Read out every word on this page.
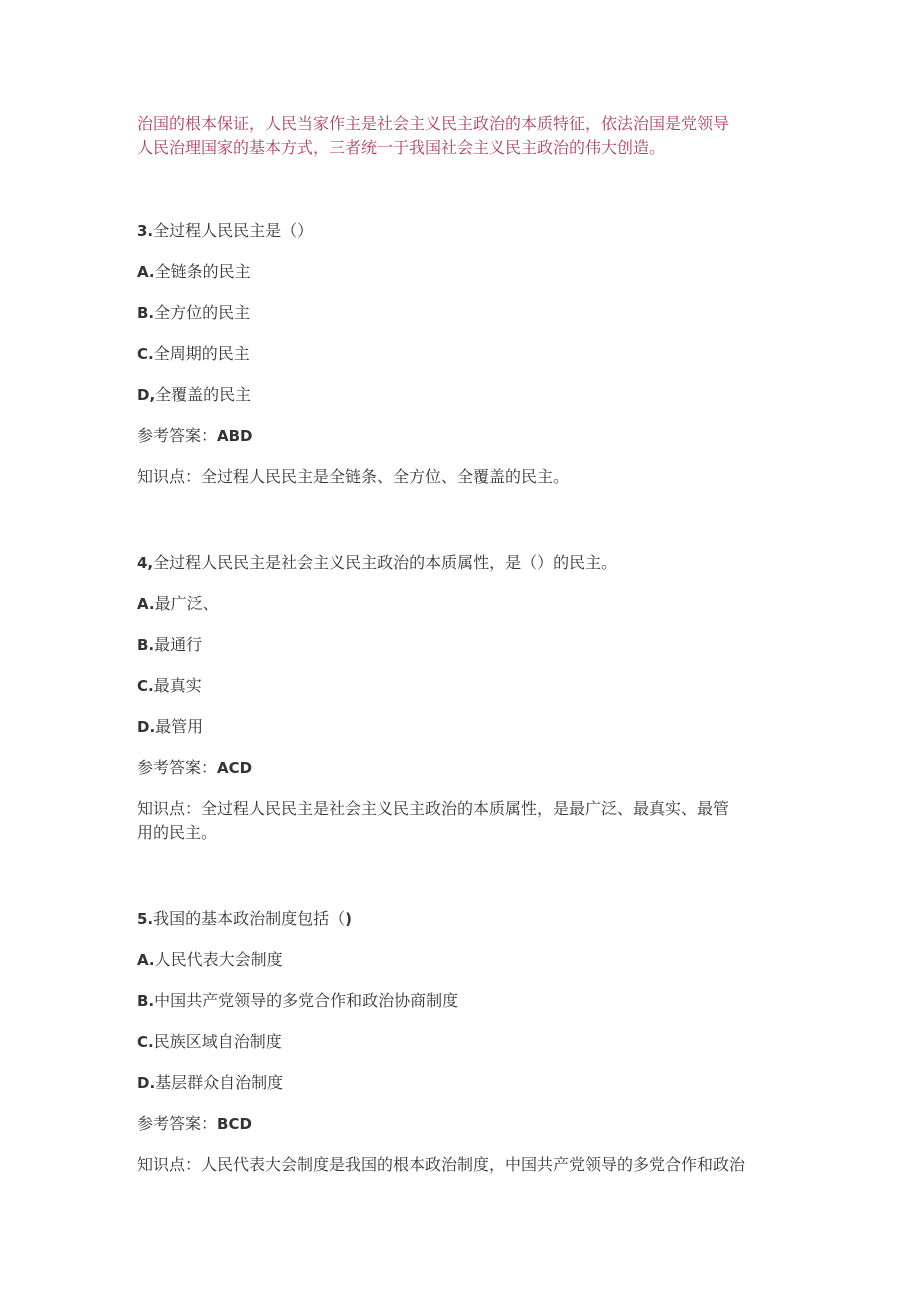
治国的根本保证，人民当家作主是社会主义民主政治的本质特征，依法治国是党领导

人民治理国家的基本方式，三者统一于我国社会主义民主政治的伟大创造。

3.全过程人民民主是（）
A.全链条的民主
B.全方位的民主
C.全周期的民主
D,全覆盖的民主
参考答案：ABD
知识点：全过程人民民主是全链条、全方位、全覆盖的民主。
4,全过程人民民主是社会主义民主政治的本质属性，是（）的民主。
A.最广泛、
B.最通行
C.最真实
D.最管用
参考答案：ACD

知识点：全过程人民民主是社会主义民主政治的本质属性，是最广泛、最真实、最管

用的民主。

5.我国的基本政治制度包括（)
A.人民代表大会制度
B.中国共产党领导的多党合作和政治协商制度
C.民族区域自治制度
D.基层群众自治制度
参考答案：BCD
知识点：人民代表大会制度是我国的根本政治制度，中国共产党领导的多党合作和政治
